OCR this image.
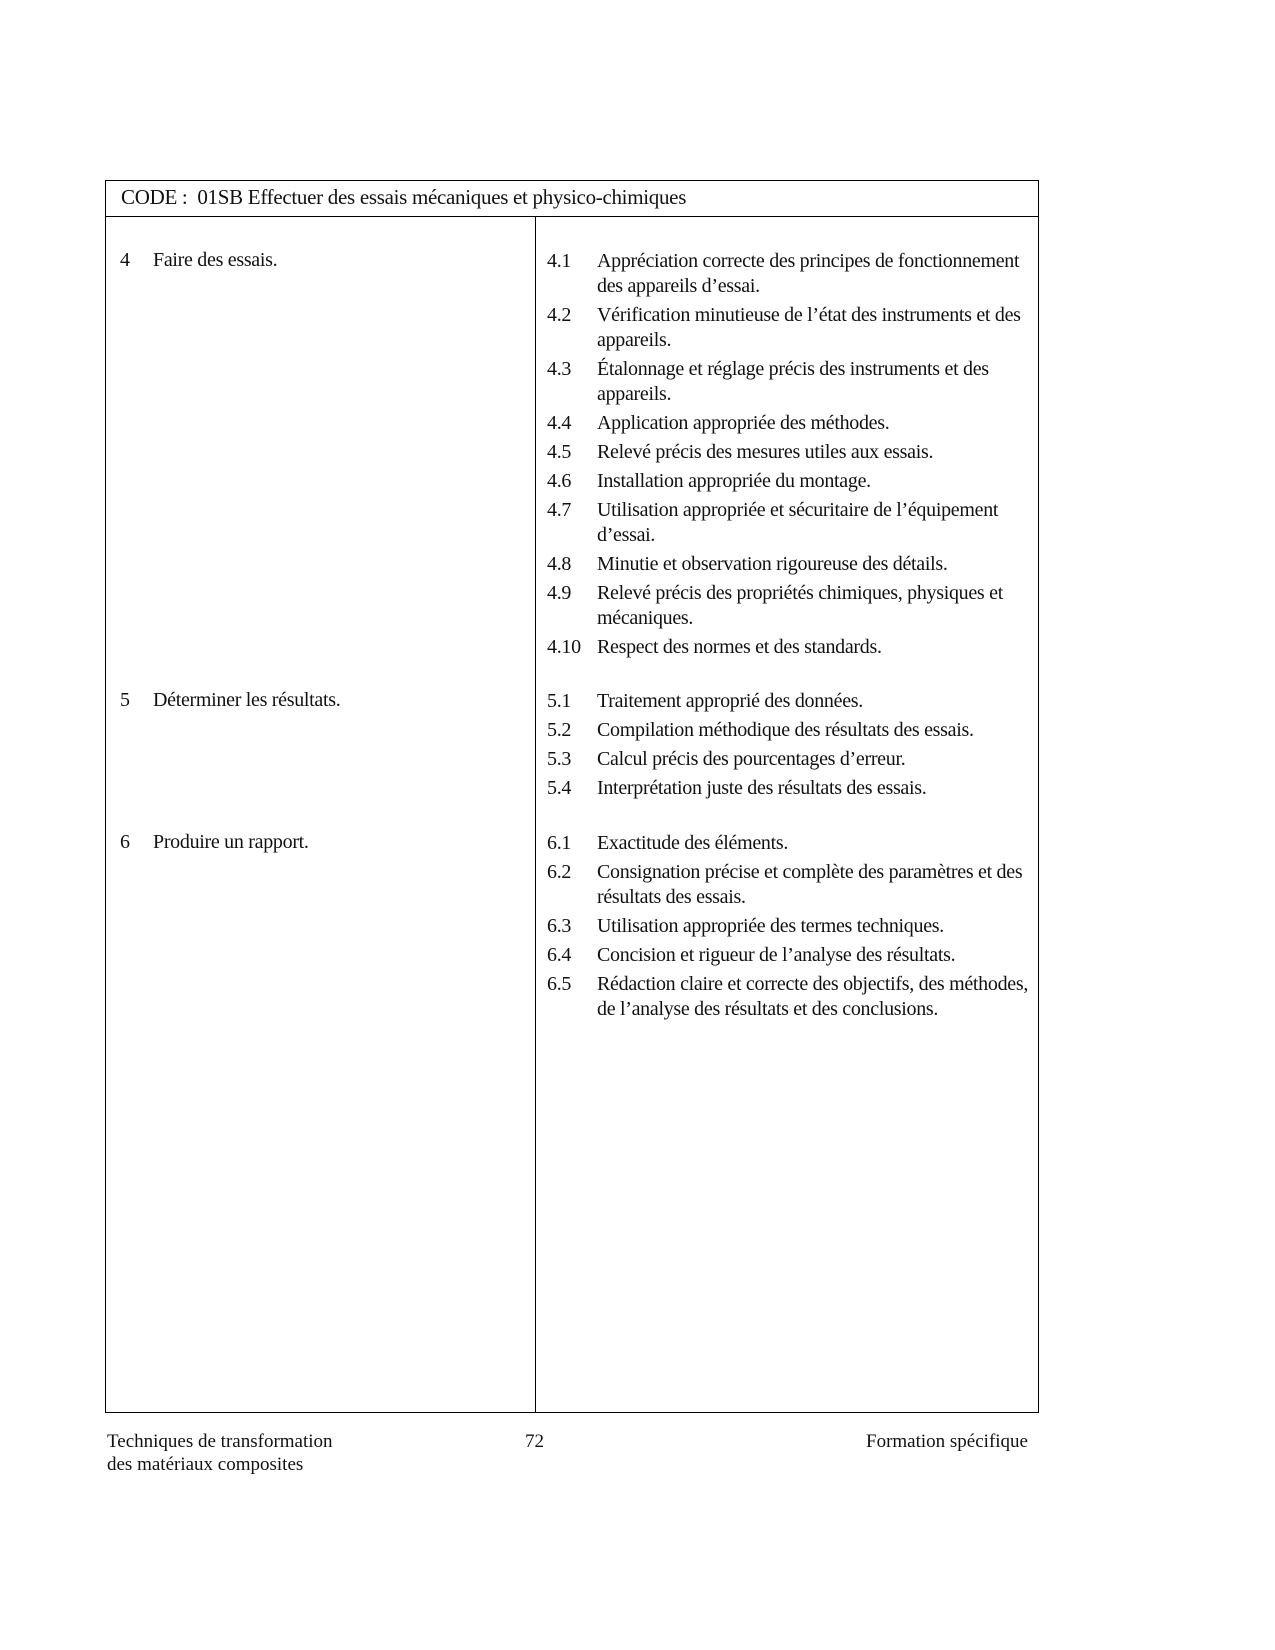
CODE : 01SB Effectuer des essais mécaniques et physico-chimiques
4 Faire des essais.	4.1 Appréciation correcte des principes de fonctionnement des appareils d’essai.
4.2 Vérification minutieuse de l’état des instruments et des appareils.
4.3 Étalonnage et réglage précis des instruments et des appareils.
4.4 Application appropriée des méthodes.
4.5 Relevé précis des mesures utiles aux essais.
4.6 Installation appropriée du montage.
4.7 Utilisation appropriée et sécuritaire de l’équipement d’essai.
4.8 Minutie et observation rigoureuse des détails.
4.9 Relevé précis des propriétés chimiques, physiques et mécaniques.
4.10 Respect des normes et des standards.
5 Déterminer les résultats.	5.1 Traitement approprié des données.
5.2 Compilation méthodique des résultats des essais.
5.3 Calcul précis des pourcentages d’erreur.
5.4 Interprétation juste des résultats des essais.
6 Produire un rapport.	6.1 Exactitude des éléments.
6.2 Consignation précise et complète des paramètres et des résultats des essais.
6.3 Utilisation appropriée des termes techniques.
6.4 Concision et rigueur de l’analyse des résultats.
6.5 Rédaction claire et correcte des objectifs, des méthodes, de l’analyse des résultats et des conclusions.
Techniques de transformation
des matériaux composites
72	Formation spécifique
